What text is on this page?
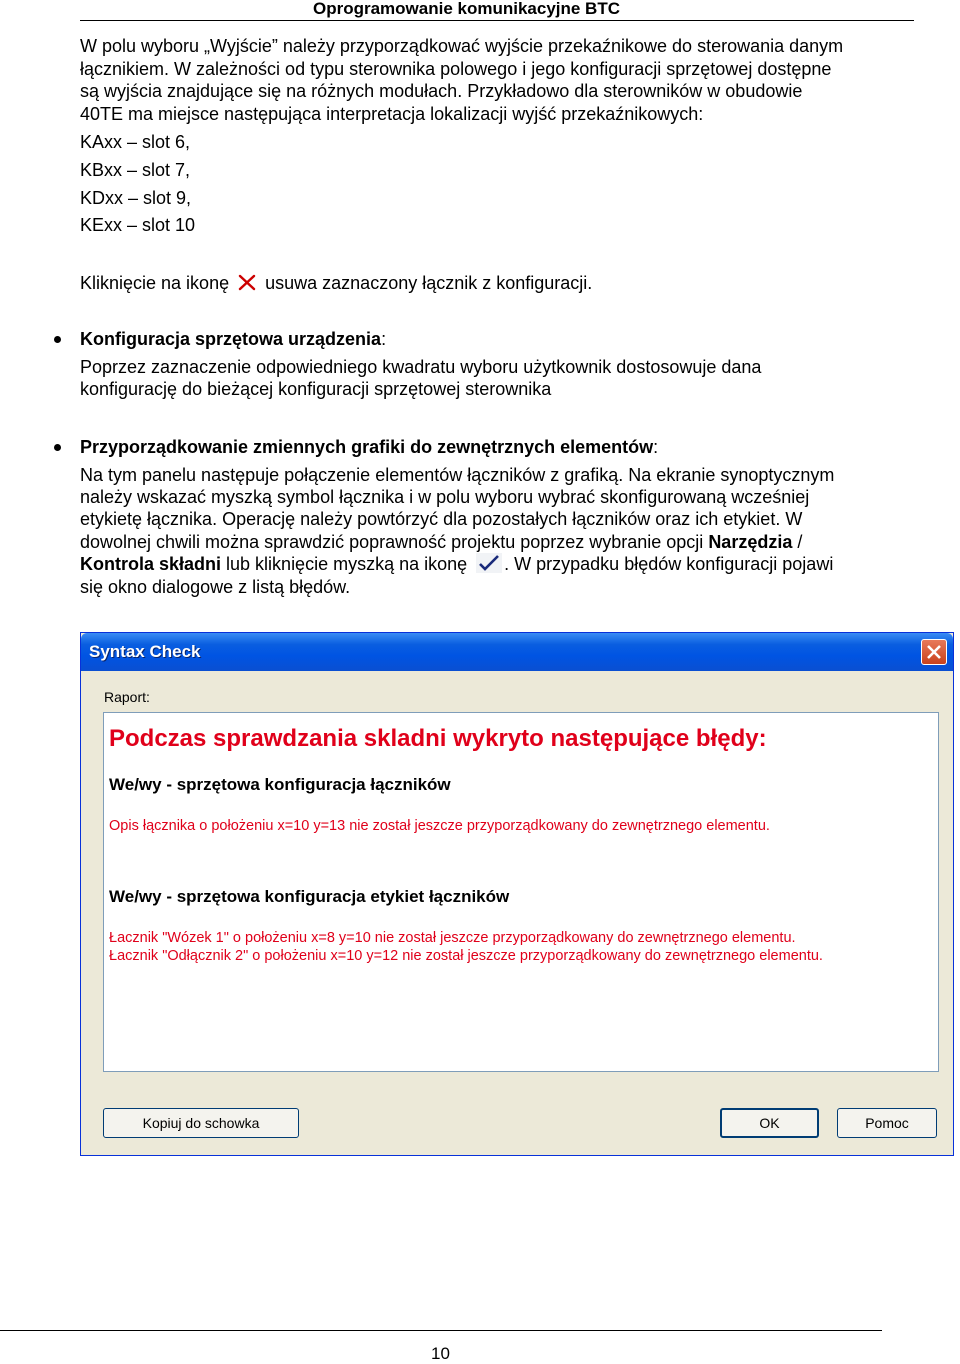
Oprogramowanie komunikacyjne BTC
W polu wyboru „Wyjście” należy przyporządkować wyjście przekaźnikowe do sterowania danym
łącznikiem. W zależności od typu sterownika polowego i jego konfiguracji sprzętowej dostępne
są wyjścia znajdujące się na różnych modułach. Przykładowo dla sterowników w obudowie
40TE ma miejsce następująca interpretacja lokalizacji wyjść przekaźnikowych:
KAxx – slot 6,
KBxx – slot 7,
KDxx – slot 9,
KExx – slot 10
Kliknięcie na ikonę usuwa zaznaczony łącznik z konfiguracji.
Konfiguracja sprzętowa urządzenia:
Poprzez zaznaczenie odpowiedniego kwadratu wyboru użytkownik dostosowuje dana
konfigurację do bieżącej konfiguracji sprzętowej sterownika
Przyporządkowanie zmiennych grafiki do zewnętrznych elementów:
Na tym panelu następuje połączenie elementów łączników z grafiką. Na ekranie synoptycznym
należy wskazać myszką symbol łącznika i w polu wyboru wybrać skonfigurowaną wcześniej
etykietę łącznika. Operację należy powtórzyć dla pozostałych łączników oraz ich etykiet. W
dowolnej chwili można sprawdzić poprawność projektu poprzez wybranie opcji Narzędzia /
Kontrola składni lub kliknięcie myszką na ikonę . W przypadku błędów konfiguracji pojawi
się okno dialogowe z listą błędów.
Syntax Check
Raport:
Podczas sprawdzania skladni wykryto następujące błędy:
We/wy - sprzętowa konfiguracja łączników
Opis łącznika o położeniu x=10 y=13 nie został jeszcze przyporządkowany do zewnętrznego elementu.
We/wy - sprzętowa konfiguracja etykiet łączników
Łacznik "Wózek 1" o położeniu x=8 y=10 nie został jeszcze przyporządkowany do zewnętrznego elementu.
Łacznik "Odłącznik 2" o położeniu x=10 y=12 nie został jeszcze przyporządkowany do zewnętrznego elementu.
Kopiuj do schowka	OK	Pomoc
10
